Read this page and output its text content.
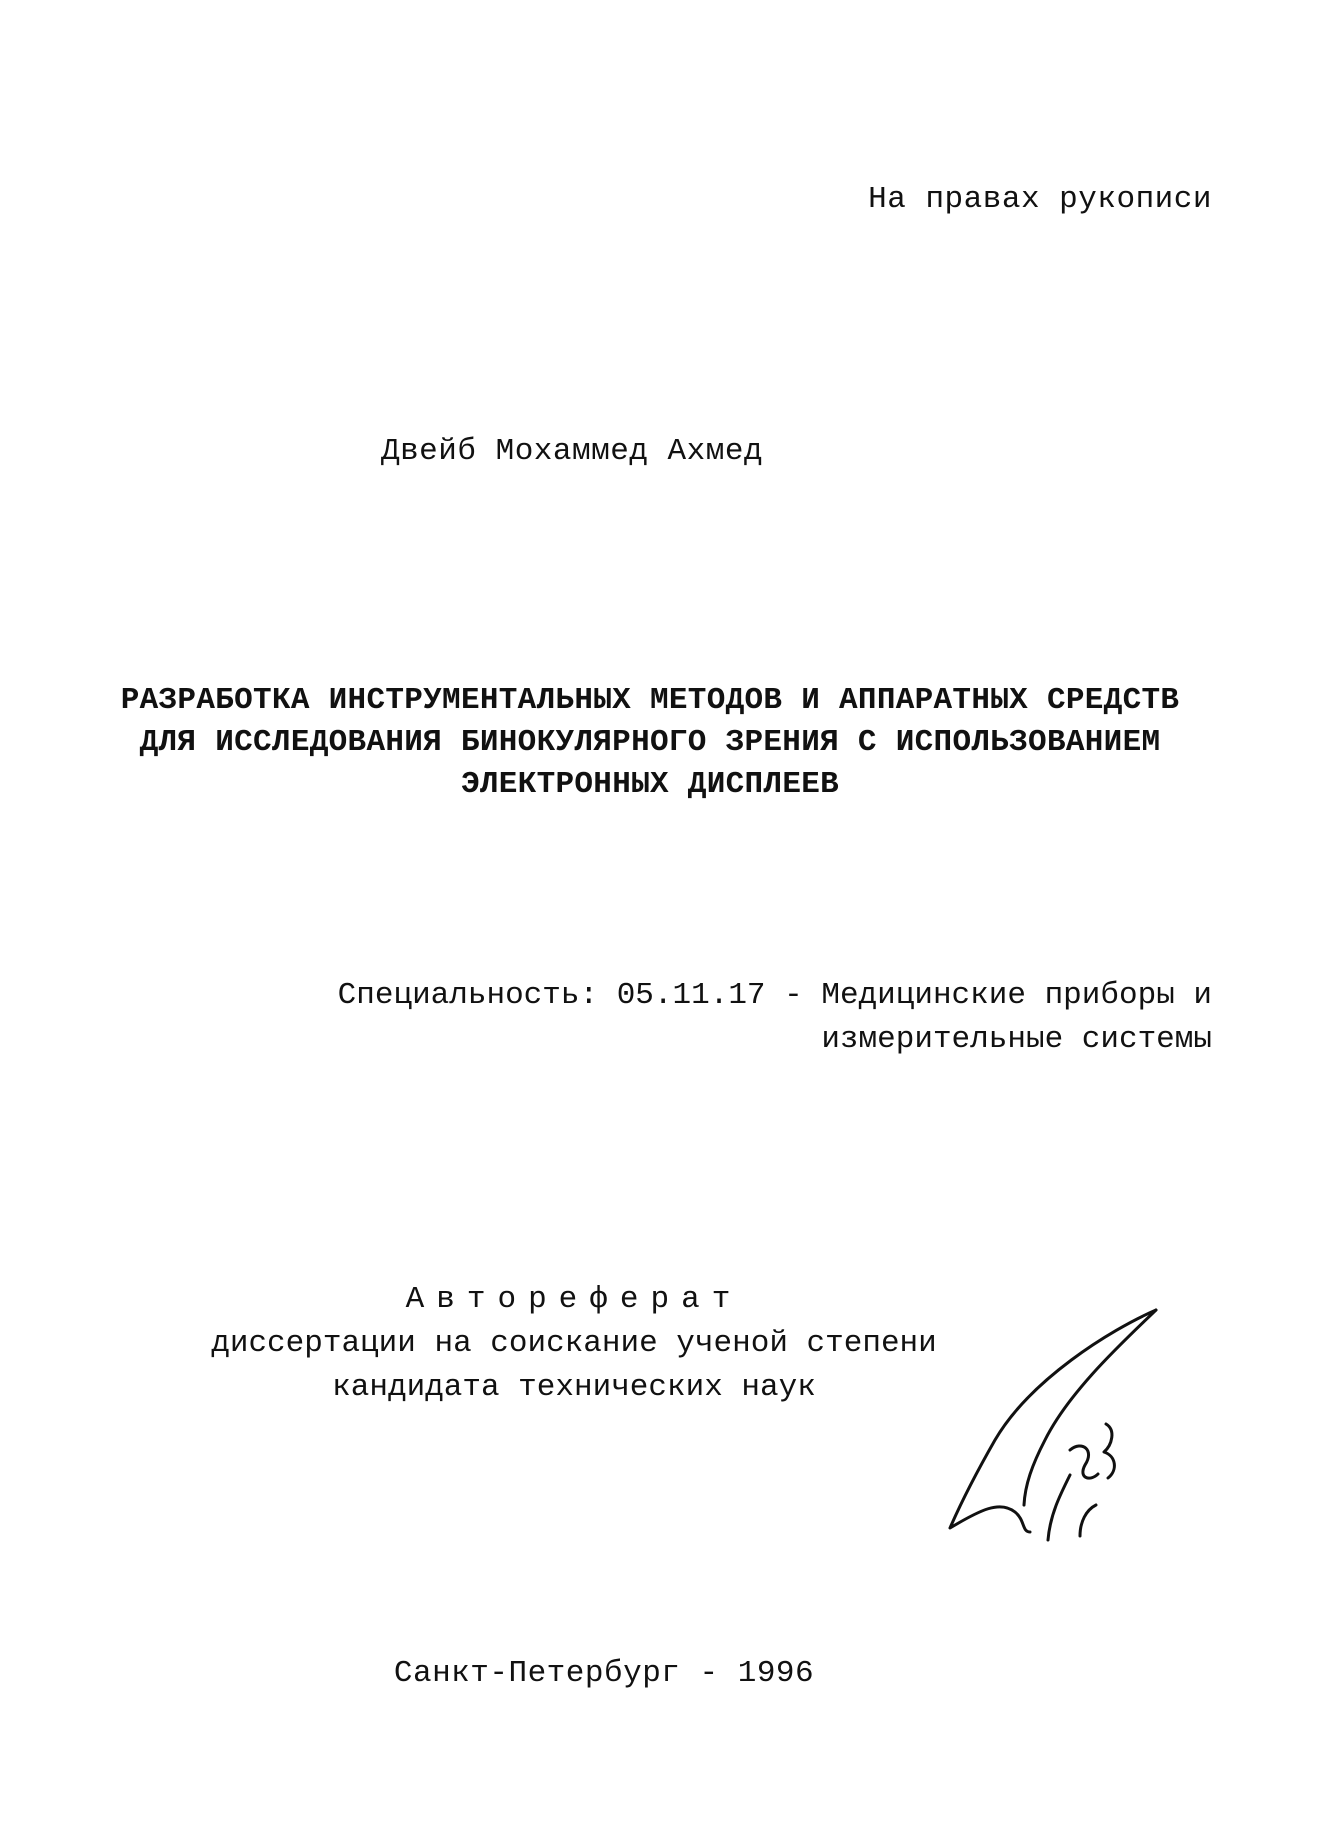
На правах рукописи
Двейб Мохаммед Ахмед
РАЗРАБОТКА ИНСТРУМЕНТАЛЬНЫХ МЕТОДОВ И АППАРАТНЫХ СРЕДСТВ
ДЛЯ ИССЛЕДОВАНИЯ БИНОКУЛЯРНОГО ЗРЕНИЯ С ИСПОЛЬЗОВАНИЕМ
ЭЛЕКТРОННЫХ ДИСПЛЕЕВ
Специальность: 05.11.17 - Медицинские приборы и
измерительные системы
Автореферат
диссертации на соискание ученой степени
кандидата технических наук
Санкт-Петербург - 1996
